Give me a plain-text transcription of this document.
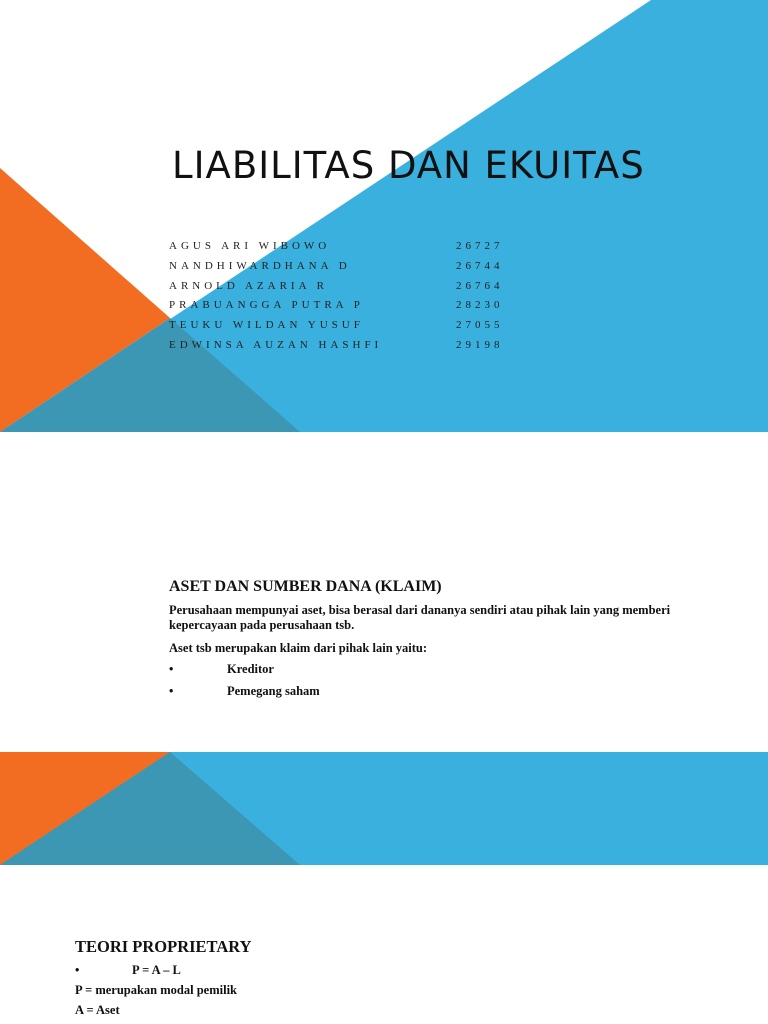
LIABILITAS DAN EKUITAS
AGUS ARI WIBOWO	26727
NANDHIWARDHANA D	26744
ARNOLD AZARIA R	26764
PRABUANGGA PUTRA P	28230
TEUKU WILDAN YUSUF	27055
EDWINSA AUZAN HASHFI	29198
ASET DAN SUMBER DANA (KLAIM)
Perusahaan mempunyai aset, bisa berasal dari dananya sendiri atau pihak lain yang memberi kepercayaan pada perusahaan tsb.
Aset tsb merupakan klaim dari pihak lain yaitu:
•	Kreditor
•	Pemegang saham
TEORI PROPRIETARY
•	P = A – L
P = merupakan modal pemilik
A = Aset
